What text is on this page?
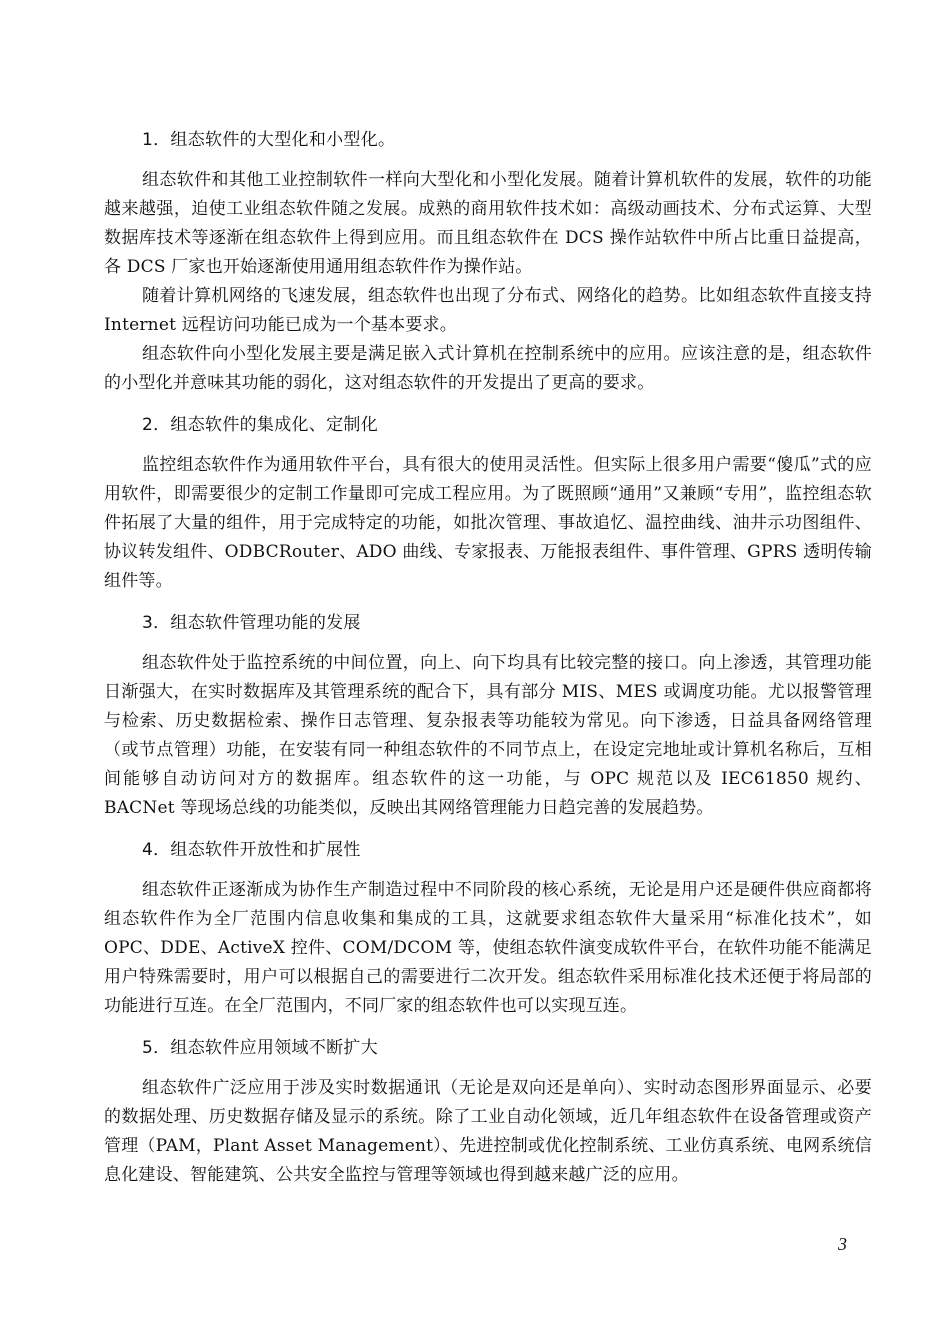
1．组态软件的大型化和小型化。

组态软件和其他工业控制软件一样向大型化和小型化发展。随着计算机软件的发展，软件的功能越来越强，迫使工业组态软件随之发展。成熟的商用软件技术如：高级动画技术、分布式运算、大型数据库技术等逐渐在组态软件上得到应用。而且组态软件在 DCS 操作站软件中所占比重日益提高，各 DCS 厂家也开始逐渐使用通用组态软件作为操作站。

随着计算机网络的飞速发展，组态软件也出现了分布式、网络化的趋势。比如组态软件直接支持 Internet 远程访问功能已成为一个基本要求。

组态软件向小型化发展主要是满足嵌入式计算机在控制系统中的应用。应该注意的是，组态软件的小型化并意味其功能的弱化，这对组态软件的开发提出了更高的要求。

2．组态软件的集成化、定制化

监控组态软件作为通用软件平台，具有很大的使用灵活性。但实际上很多用户需要“傻瓜”式的应用软件，即需要很少的定制工作量即可完成工程应用。为了既照顾“通用”又兼顾“专用”，监控组态软件拓展了大量的组件，用于完成特定的功能，如批次管理、事故追忆、温控曲线、油井示功图组件、协议转发组件、ODBCRouter、ADO 曲线、专家报表、万能报表组件、事件管理、GPRS 透明传输组件等。

3．组态软件管理功能的发展

组态软件处于监控系统的中间位置，向上、向下均具有比较完整的接口。向上渗透，其管理功能日渐强大，在实时数据库及其管理系统的配合下，具有部分 MIS、MES 或调度功能。尤以报警管理与检索、历史数据检索、操作日志管理、复杂报表等功能较为常见。向下渗透，日益具备网络管理（或节点管理）功能，在安装有同一种组态软件的不同节点上，在设定完地址或计算机名称后，互相间能够自动访问对方的数据库。组态软件的这一功能，与 OPC 规范以及 IEC61850 规约、BACNet 等现场总线的功能类似，反映出其网络管理能力日趋完善的发展趋势。

4．组态软件开放性和扩展性

组态软件正逐渐成为协作生产制造过程中不同阶段的核心系统，无论是用户还是硬件供应商都将组态软件作为全厂范围内信息收集和集成的工具，这就要求组态软件大量采用“标准化技术”，如 OPC、DDE、ActiveX 控件、COM/DCOM 等，使组态软件演变成软件平台，在软件功能不能满足用户特殊需要时，用户可以根据自己的需要进行二次开发。组态软件采用标准化技术还便于将局部的功能进行互连。在全厂范围内，不同厂家的组态软件也可以实现互连。

5．组态软件应用领域不断扩大

组态软件广泛应用于涉及实时数据通讯（无论是双向还是单向）、实时动态图形界面显示、必要的数据处理、历史数据存储及显示的系统。除了工业自动化领域，近几年组态软件在设备管理或资产管理（PAM，Plant Asset Management）、先进控制或优化控制系统、工业仿真系统、电网系统信息化建设、智能建筑、公共安全监控与管理等领域也得到越来越广泛的应用。

3
